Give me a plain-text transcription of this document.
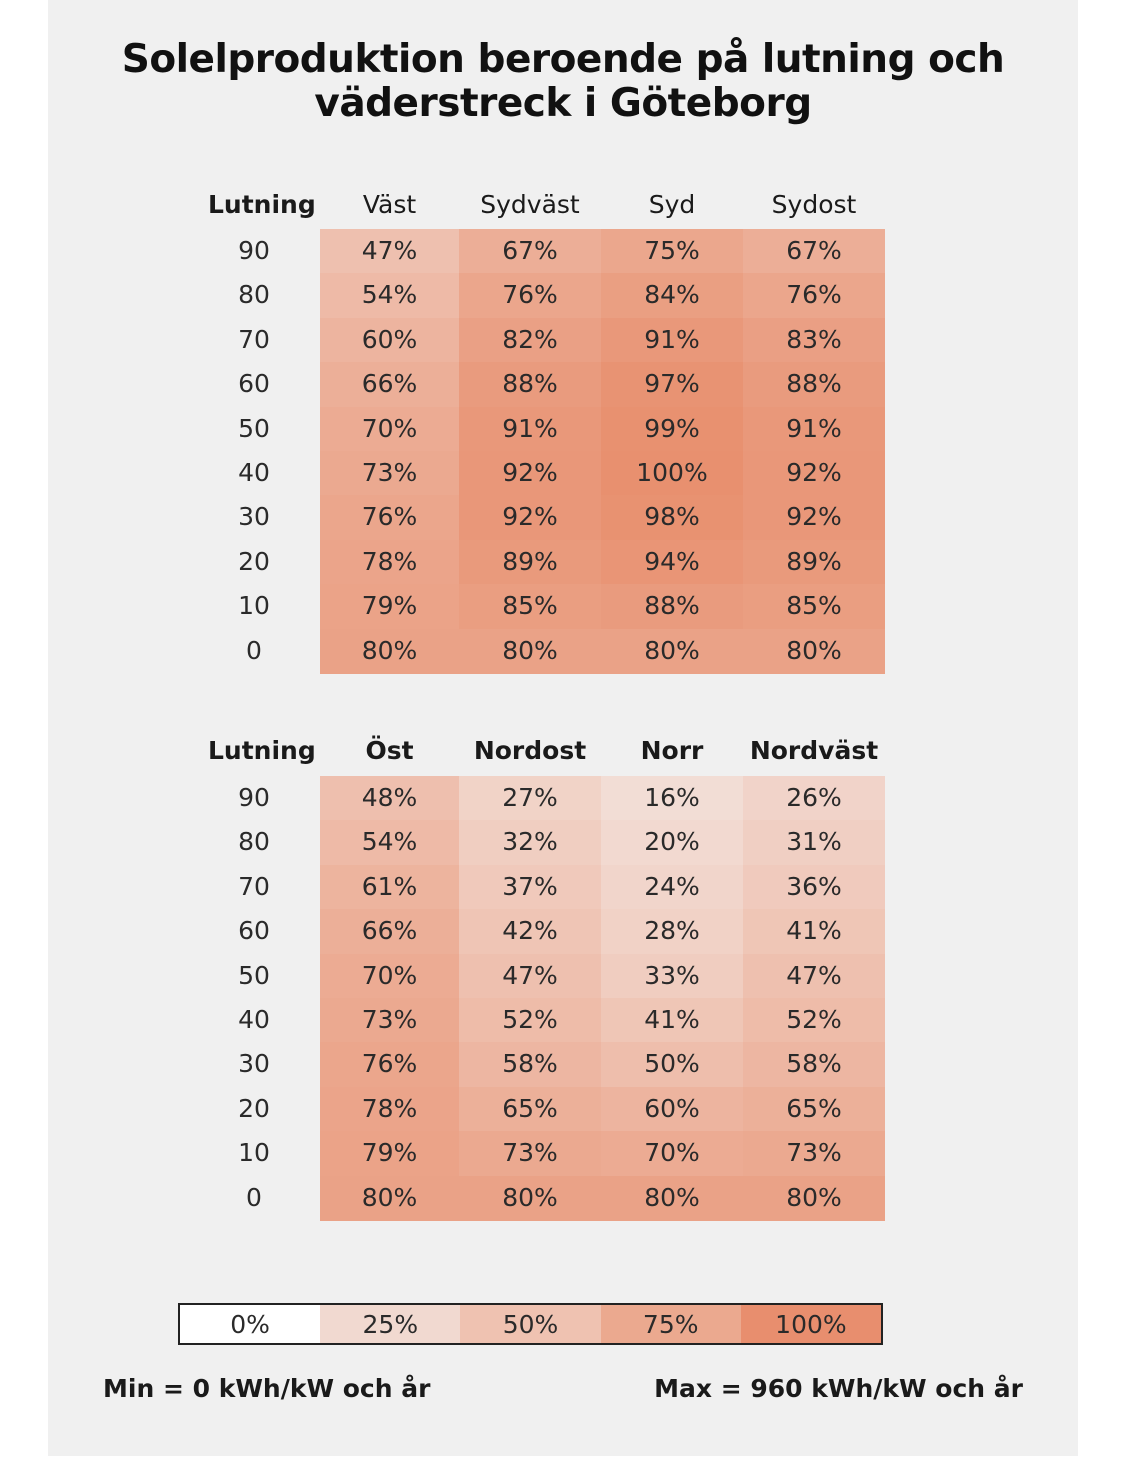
Solelproduktion beroende på lutning och väderstreck i Göteborg
Lutning	Väst	Sydväst	Syd	Sydost
90	47%	67%	75%	67%
80	54%	76%	84%	76%
70	60%	82%	91%	83%
60	66%	88%	97%	88%
50	70%	91%	99%	91%
40	73%	92%	100%	92%
30	76%	92%	98%	92%
20	78%	89%	94%	89%
10	79%	85%	88%	85%
0	80%	80%	80%	80%
Lutning	Öst	Nordost	Norr	Nordväst
90	48%	27%	16%	26%
80	54%	32%	20%	31%
70	61%	37%	24%	36%
60	66%	42%	28%	41%
50	70%	47%	33%	47%
40	73%	52%	41%	52%
30	76%	58%	50%	58%
20	78%	65%	60%	65%
10	79%	73%	70%	73%
0	80%	80%	80%	80%
0%	25%	50%	75%	100%
Min = 0 kWh/kW och år	Max = 960 kWh/kW och år
